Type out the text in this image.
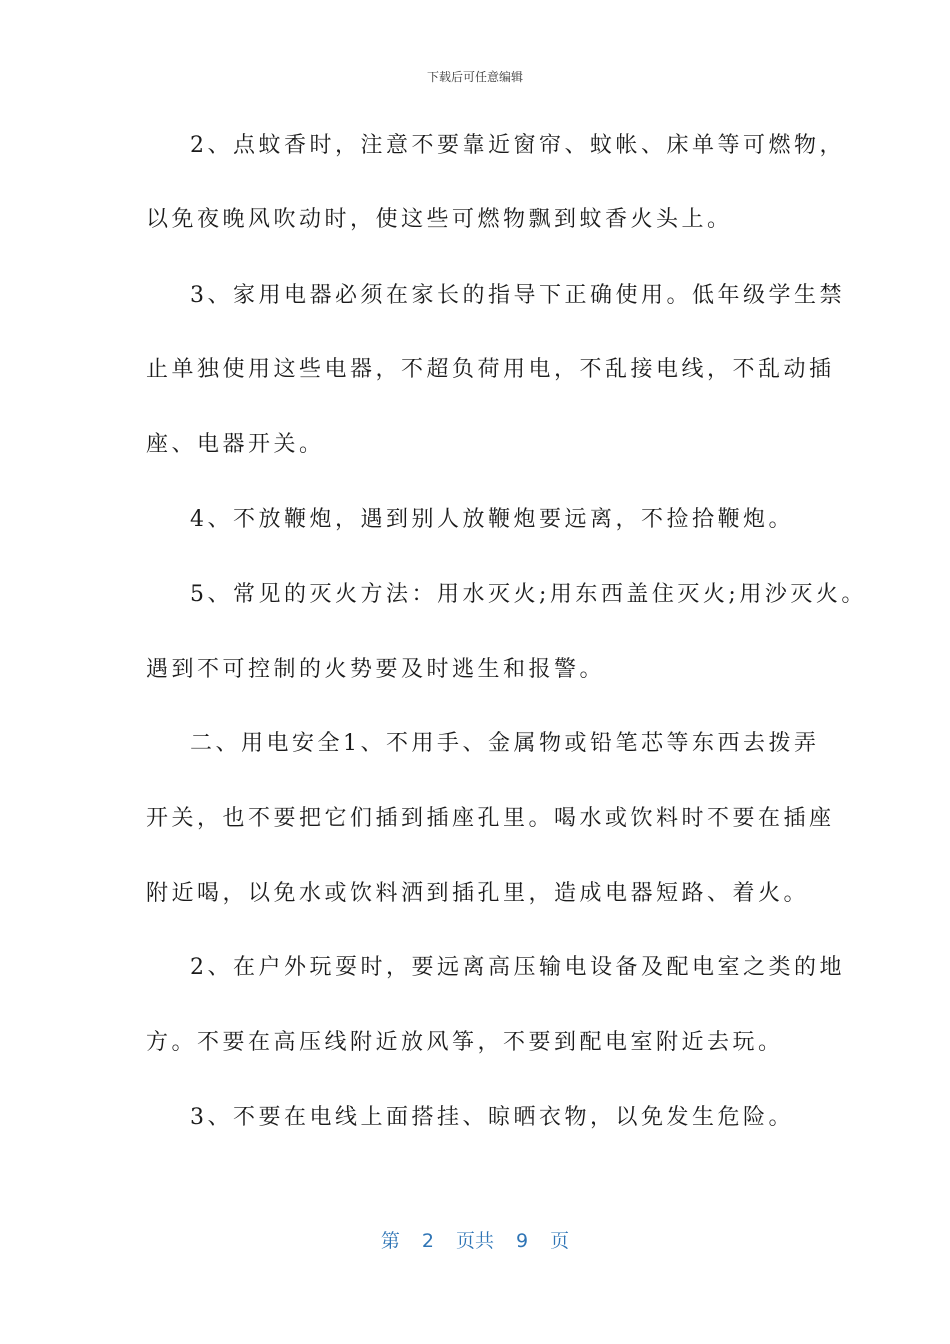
下载后可任意编辑
2、点蚊香时，注意不要靠近窗帘、蚊帐、床单等可燃物，
以免夜晚风吹动时，使这些可燃物飘到蚊香火头上。
3、家用电器必须在家长的指导下正确使用。低年级学生禁
止单独使用这些电器，不超负荷用电，不乱接电线，不乱动插
座、电器开关。
4、不放鞭炮，遇到别人放鞭炮要远离，不捡拾鞭炮。
5、常见的灭火方法：用水灭火;用东西盖住灭火;用沙灭火。
遇到不可控制的火势要及时逃生和报警。
二、用电安全1、不用手、金属物或铅笔芯等东西去拨弄
开关，也不要把它们插到插座孔里。喝水或饮料时不要在插座
附近喝，以免水或饮料洒到插孔里，造成电器短路、着火。
2、在户外玩耍时，要远离高压输电设备及配电室之类的地
方。不要在高压线附近放风筝，不要到配电室附近去玩。
3、不要在电线上面搭挂、晾晒衣物，以免发生危险。
第 2 页共 9 页
